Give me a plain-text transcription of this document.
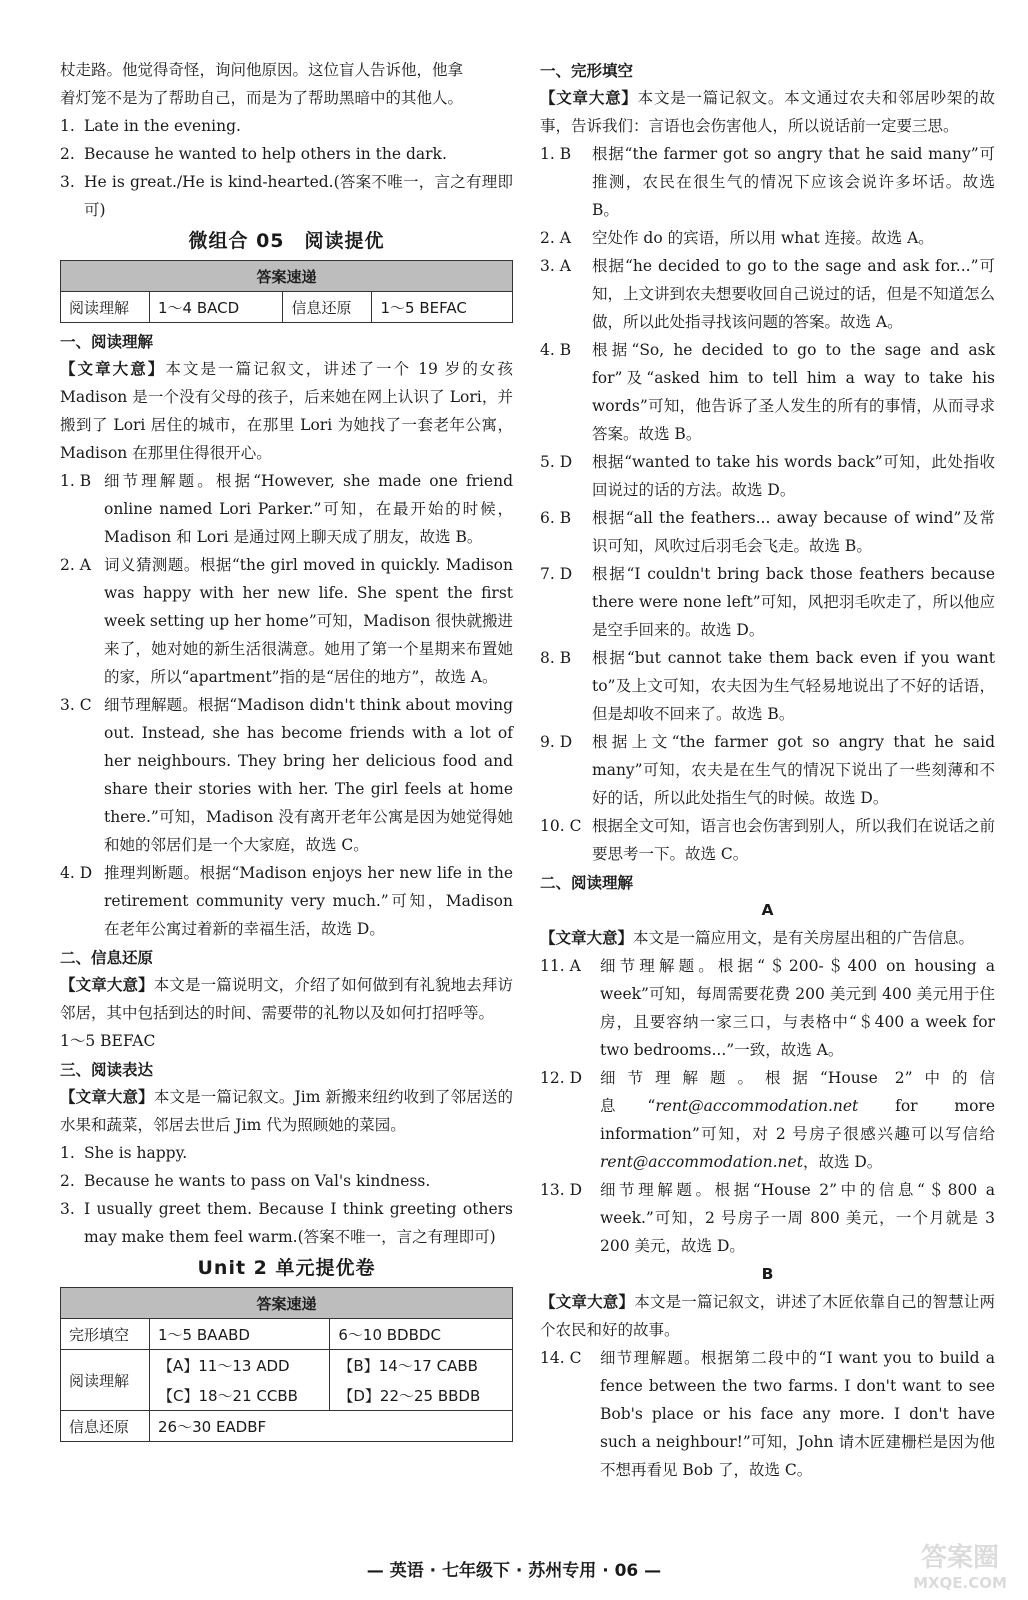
杖走路。他觉得奇怪，询问他原因。这位盲人告诉他，他拿

着灯笼不是为了帮助自己，而是为了帮助黑暗中的其他人。

1. Late in the evening.
2. Because he wanted to help others in the dark.
3. He is great./He is kind-hearted.(答案不唯一，言之有理即可)
微组合 05　阅读提优
答案速递
阅读理解	1～4 BACD	信息还原	1～5 BEFAC
一、阅读理解

【文章大意】本文是一篇记叙文，讲述了一个 19 岁的女孩 Madison 是一个没有父母的孩子，后来她在网上认识了 Lori，并搬到了 Lori 居住的城市，在那里 Lori 为她找了一套老年公寓，Madison 在那里住得很开心。

1. B 细节理解题。根据“However, she made one friend online named Lori Parker.”可知，在最开始的时候，Madison 和 Lori 是通过网上聊天成了朋友，故选 B。
2. A 词义猜测题。根据“the girl moved in quickly. Madison was happy with her new life. She spent the first week setting up her home”可知，Madison 很快就搬进来了，她对她的新生活很满意。她用了第一个星期来布置她的家，所以“apartment”指的是“居住的地方”，故选 A。
3. C 细节理解题。根据“Madison didn't think about moving out. Instead, she has become friends with a lot of her neighbours. They bring her delicious food and share their stories with her. The girl feels at home there.”可知，Madison 没有离开老年公寓是因为她觉得她和她的邻居们是一个大家庭，故选 C。
4. D 推理判断题。根据“Madison enjoys her new life in the retirement community very much.”可知，Madison 在老年公寓过着新的幸福生活，故选 D。
二、信息还原

【文章大意】本文是一篇说明文，介绍了如何做到有礼貌地去拜访邻居，其中包括到达的时间、需要带的礼物以及如何打招呼等。

1～5 BEFAC

三、阅读表达

【文章大意】本文是一篇记叙文。Jim 新搬来纽约收到了邻居送的水果和蔬菜，邻居去世后 Jim 代为照顾她的菜园。

1. She is happy.
2. Because he wants to pass on Val's kindness.
3. I usually greet them. Because I think greeting others may make them feel warm.(答案不唯一，言之有理即可)
Unit 2 单元提优卷
答案速递		
完形填空	1～5 BAABD	6～10 BDBDC
阅读理解	【A】11～13 ADD	【B】14～17 CABB
	【C】18～21 CCBB	【D】22～25 BBDB
信息还原	26～30 EADBF	
一、完形填空

【文章大意】本文是一篇记叙文。本文通过农夫和邻居吵架的故事，告诉我们：言语也会伤害他人，所以说话前一定要三思。

1. B	根据“the farmer got so angry that he said many”可推测，农民在很生气的情况下应该会说许多坏话。故选 B。
2. A	空处作 do 的宾语，所以用 what 连接。故选 A。
3. A	根据“he decided to go to the sage and ask for...”可知，上文讲到农夫想要收回自己说过的话，但是不知道怎么做，所以此处指寻找该问题的答案。故选 A。
4. B	根据“So, he decided to go to the sage and ask for”及“asked him to tell him a way to take his words”可知，他告诉了圣人发生的所有的事情，从而寻求答案。故选 B。
5. D	根据“wanted to take his words back”可知，此处指收回说过的话的方法。故选 D。
6. B	根据“all the feathers... away because of wind”及常识可知，风吹过后羽毛会飞走。故选 B。
7. D	根据“I couldn't bring back those feathers because there were none left”可知，风把羽毛吹走了，所以他应是空手回来的。故选 D。
8. B	根据“but cannot take them back even if you want to”及上文可知，农夫因为生气轻易地说出了不好的话语，但是却收不回来了。故选 B。
9. D	根据上文“the farmer got so angry that he said many”可知，农夫是在生气的情况下说出了一些刻薄和不好的话，所以此处指生气的时候。故选 D。
10. C 根据全文可知，语言也会伤害到别人，所以我们在说话之前要思考一下。故选 C。
二、阅读理解
A

【文章大意】本文是一篇应用文，是有关房屋出租的广告信息。

11. A	细节理解题。根据“＄200-＄400 on housing a week”可知，每周需要花费 200 美元到 400 美元用于住房，且要容纳一家三口，与表格中“＄400 a week for two bedrooms...”一致，故选 A。
12. D	细节理解题。根据“House 2”中的信息“rent@accommodation.net for more information”可知，对 2 号房子很感兴趣可以写信给 rent@accommodation.net，故选 D。
13. D	细节理解题。根据“House 2”中的信息“＄800 a week.”可知，2 号房子一周 800 美元，一个月就是 3 200 美元，故选 D。
B

【文章大意】本文是一篇记叙文，讲述了木匠依靠自己的智慧让两个农民和好的故事。

14. C	细节理解题。根据第二段中的“I want you to build a fence between the two farms. I don't want to see Bob's place or his face any more. I don't have such a neighbour!”可知，John 请木匠建栅栏是因为他不想再看见 Bob 了，故选 C。
— 英语 · 七年级下 · 苏州专用 · 06 —	答案圈
MXQE.COM
